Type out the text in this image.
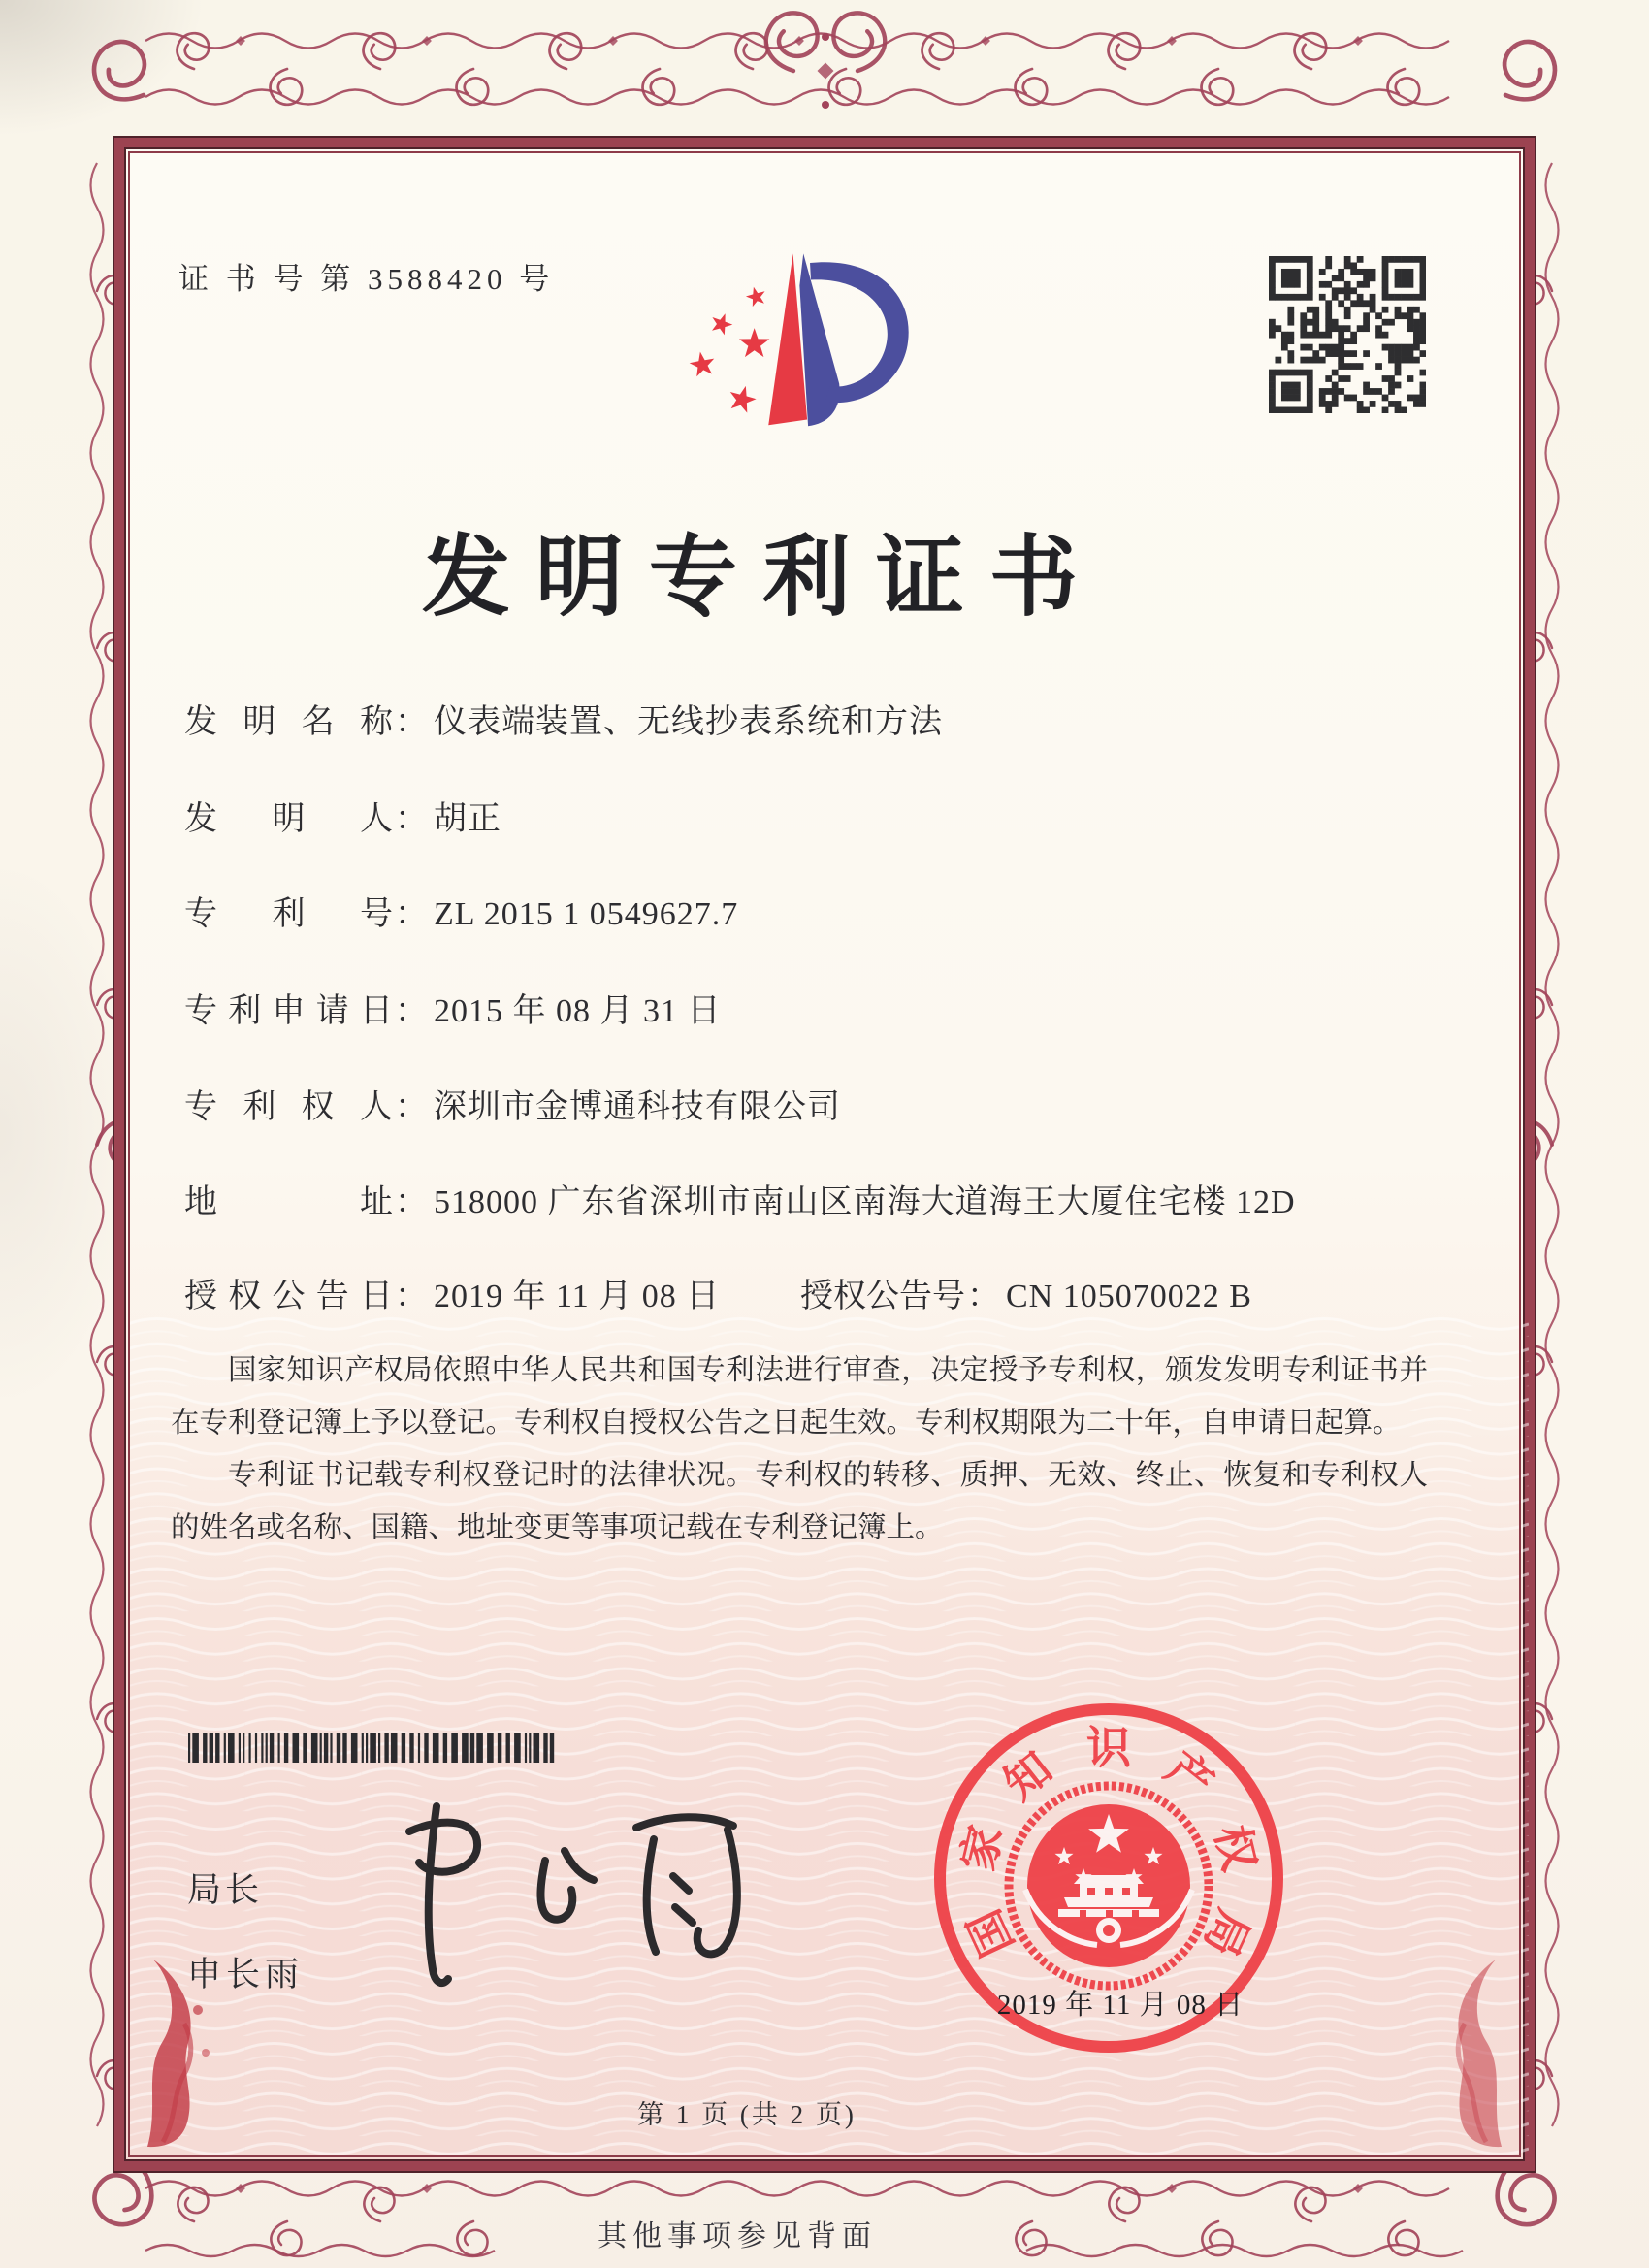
证 书 号 第 3588420 号
发明专利证书
发明名称： 仪表端装置、无线抄表系统和方法
发明人： 胡正
专利号： ZL 2015 1 0549627.7
专利申请日： 2015 年 08 月 31 日
专利权人： 深圳市金博通科技有限公司
地址： 518000 广东省深圳市南山区南海大道海王大厦住宅楼 12D
授权公告日： 2019 年 11 月 08 日 授权公告号： CN 105070022 B

国家知识产权局依照中华人民共和国专利法进行审查，决定授予专利权，颁发发明专利证书并在专利登记簿上予以登记。专利权自授权公告之日起生效。专利权期限为二十年，自申请日起算。

专利证书记载专利权登记时的法律状况。专利权的转移、质押、无效、终止、恢复和专利权人的姓名或名称、国籍、地址变更等事项记载在专利登记簿上。

局长
申长雨
国
家
知 识 产
权
局
2019 年 11 月 08 日
第 1 页 (共 2 页)
其他事项参见背面
